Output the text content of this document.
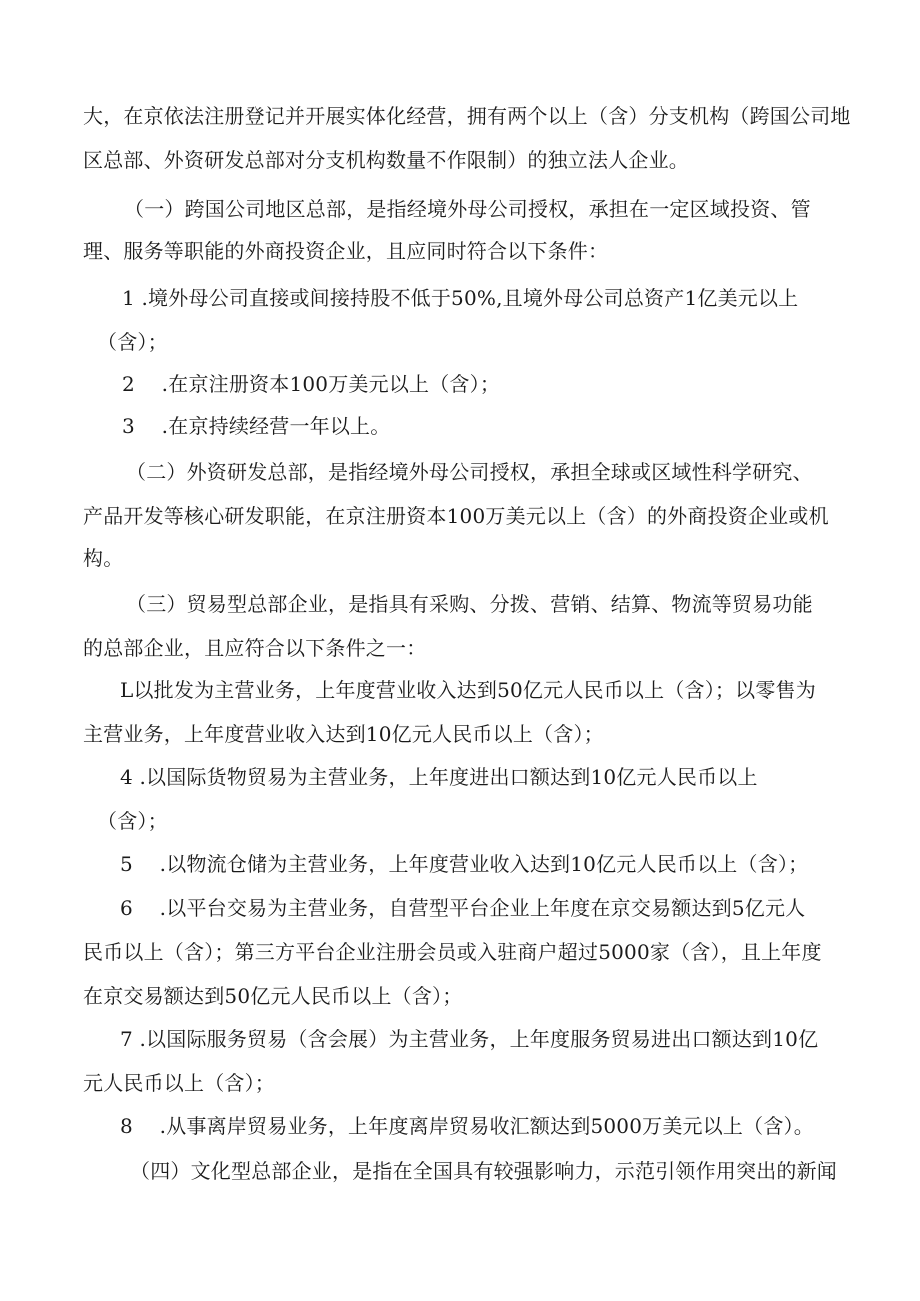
大，在京依法注册登记并开展实体化经营，拥有两个以上（含）分支机构（跨国公司地
区总部、外资研发总部对分支机构数量不作限制）的独立法人企业。
（一）跨国公司地区总部，是指经境外母公司授权，承担在一定区域投资、管
理、服务等职能的外商投资企业，且应同时符合以下条件：
1 .境外母公司直接或间接持股不低于50%,且境外母公司总资产1亿美元以上
（含）；
2　 .在京注册资本100万美元以上（含）；
3　 .在京持续经营一年以上。
（二）外资研发总部，是指经境外母公司授权，承担全球或区域性科学研究、
产品开发等核心研发职能，在京注册资本100万美元以上（含）的外商投资企业或机
构。
（三）贸易型总部企业，是指具有采购、分拨、营销、结算、物流等贸易功能
的总部企业，且应符合以下条件之一：
L以批发为主营业务，上年度营业收入达到50亿元人民币以上（含）；以零售为
主营业务，上年度营业收入达到10亿元人民币以上（含）；
4 .以国际货物贸易为主营业务，上年度进出口额达到10亿元人民币以上
（含）；
5　 .以物流仓储为主营业务，上年度营业收入达到10亿元人民币以上（含）；
6　 .以平台交易为主营业务，自营型平台企业上年度在京交易额达到5亿元人
民币以上（含）；第三方平台企业注册会员或入驻商户超过5000家（含），且上年度
在京交易额达到50亿元人民币以上（含）；
7 .以国际服务贸易（含会展）为主营业务，上年度服务贸易进出口额达到10亿
元人民币以上（含）；
8　 .从事离岸贸易业务，上年度离岸贸易收汇额达到5000万美元以上（含）。
（四）文化型总部企业，是指在全国具有较强影响力，示范引领作用突出的新闻
